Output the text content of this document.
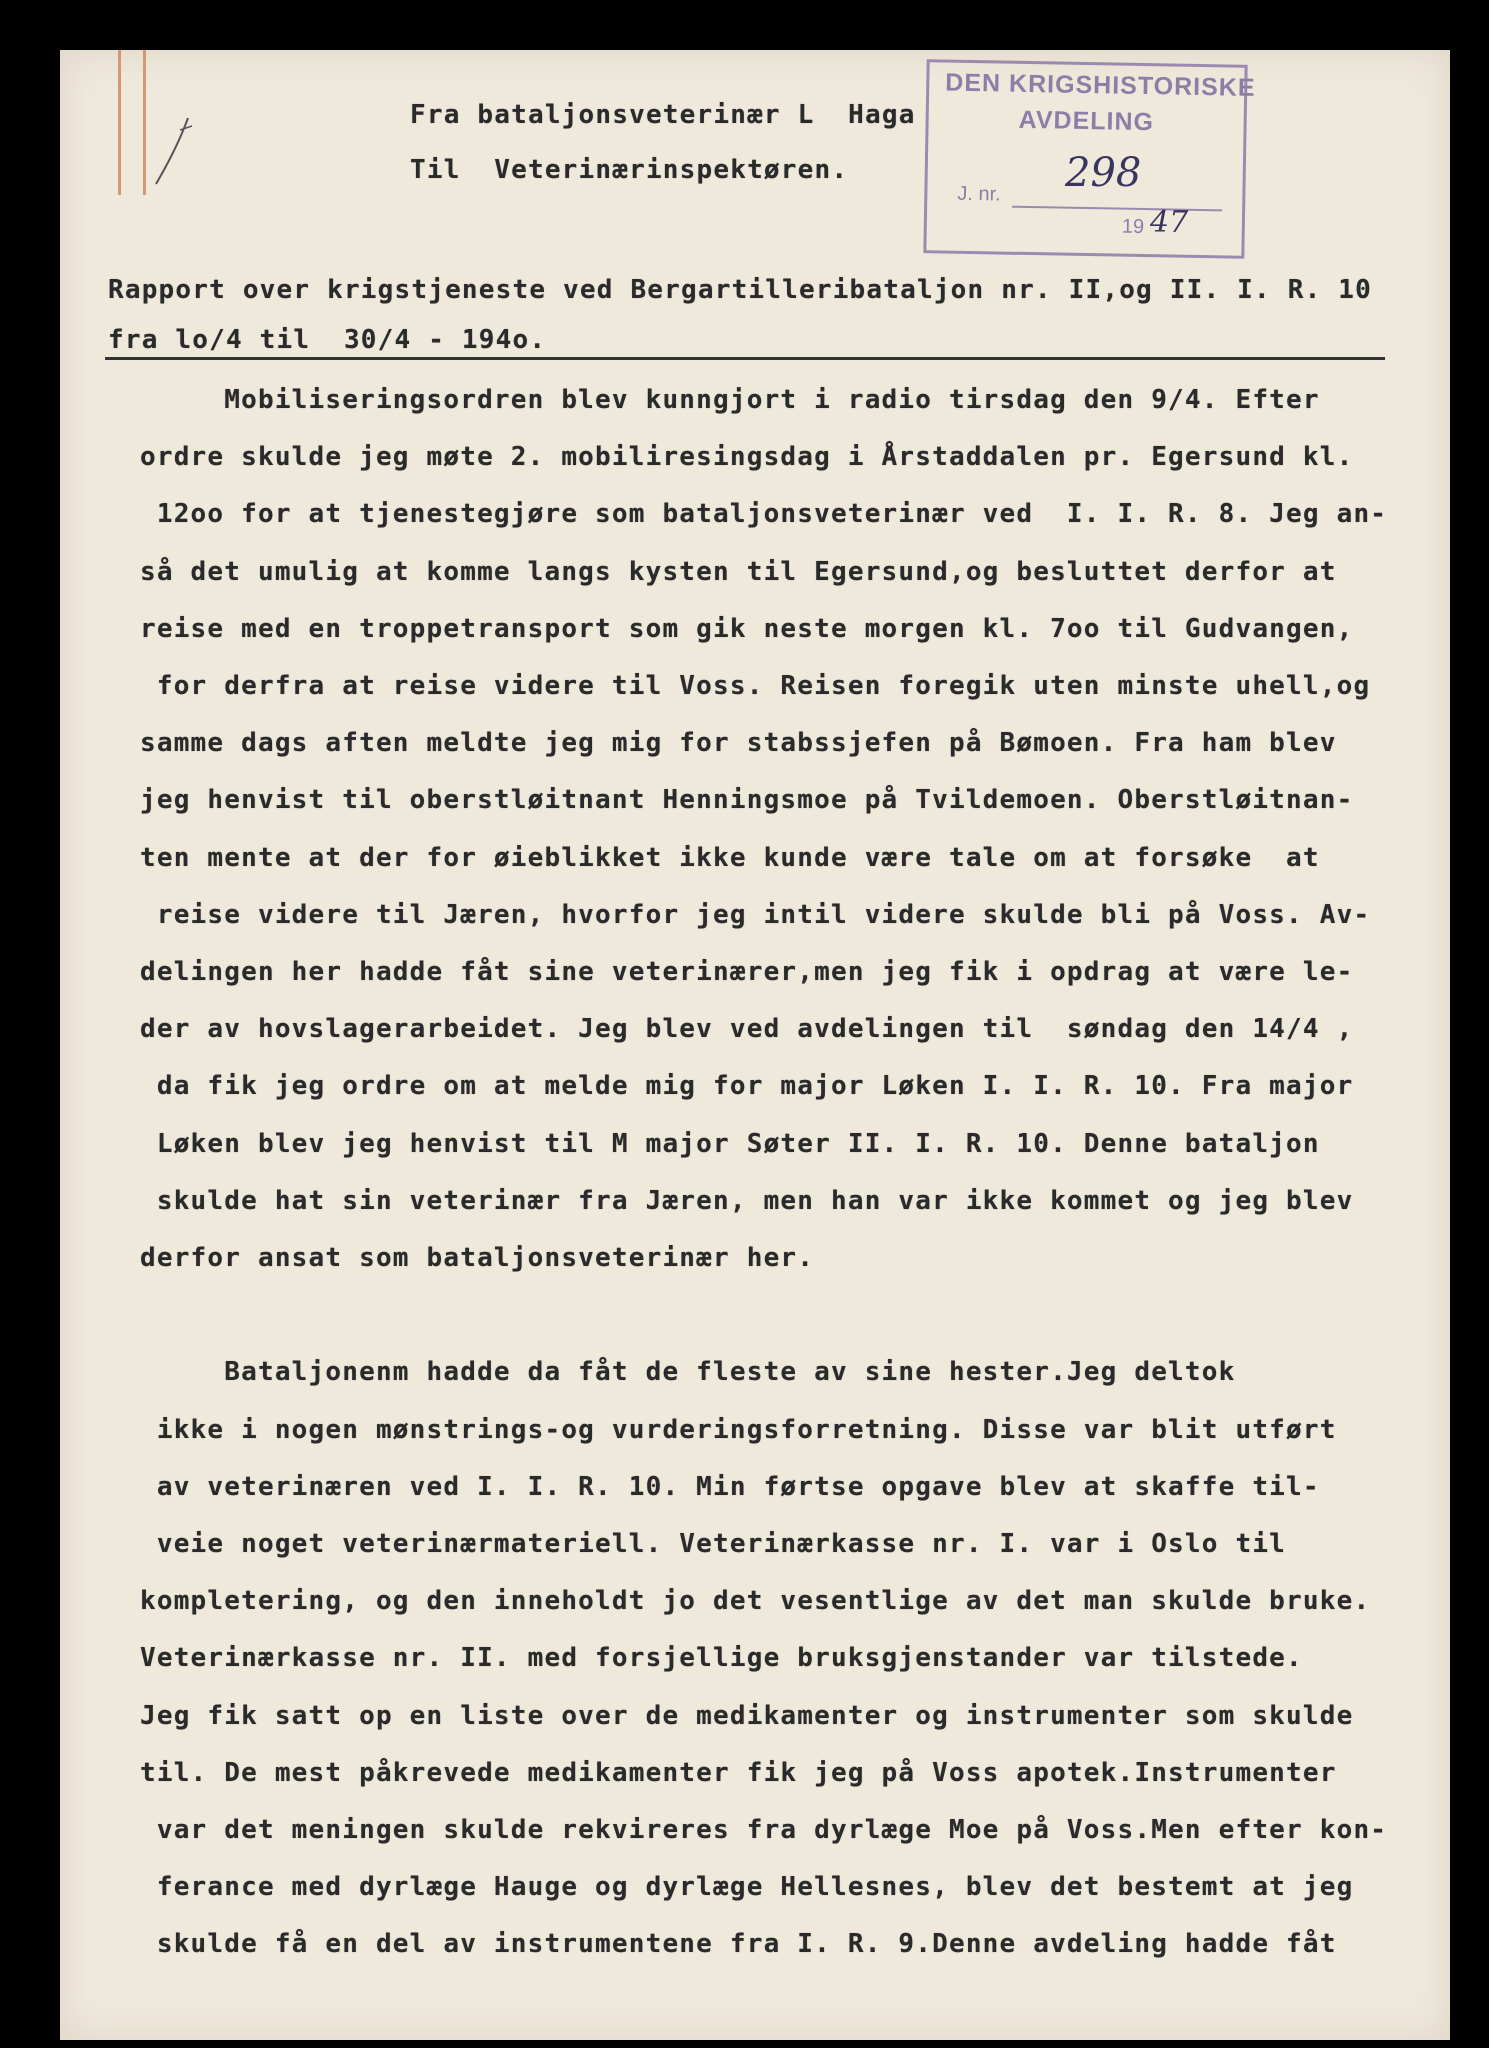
Fra bataljonsveterinær L  Haga
Til  Veterinærinspektøren.
DEN KRIGSHISTORISKE
AVDELING
J. nr.
19
298
47
Rapport over krigstjeneste ved Bergartilleribataljon nr. II,og II. I. R. 10
fra lo/4 til  30/4 - 194o.
Mobiliseringsordren blev kunngjort i radio tirsdag den 9/4. Efter
ordre skulde jeg møte 2. mobiliresingsdag i Årstaddalen pr. Egersund kl.
12oo for at tjenestegjøre som bataljonsveterinær ved  I. I. R. 8. Jeg an-
så det umulig at komme langs kysten til Egersund,og besluttet derfor at
reise med en troppetransport som gik neste morgen kl. 7oo til Gudvangen,
for derfra at reise videre til Voss. Reisen foregik uten minste uhell,og
samme dags aften meldte jeg mig for stabssjefen på Bømoen. Fra ham blev
jeg henvist til oberstløitnant Henningsmoe på Tvildemoen. Oberstløitnan-
ten mente at der for øieblikket ikke kunde være tale om at forsøke  at
reise videre til Jæren, hvorfor jeg intil videre skulde bli på Voss. Av-
delingen her hadde fåt sine veterinærer,men jeg fik i opdrag at være le-
der av hovslagerarbeidet. Jeg blev ved avdelingen til  søndag den 14/4 ,
da fik jeg ordre om at melde mig for major Løken I. I. R. 10. Fra major
Løken blev jeg henvist til M major Søter II. I. R. 10. Denne bataljon
skulde hat sin veterinær fra Jæren, men han var ikke kommet og jeg blev
derfor ansat som bataljonsveterinær her.
Bataljonenm hadde da fåt de fleste av sine hester.Jeg deltok
ikke i nogen mønstrings-og vurderingsforretning. Disse var blit utført
av veterinæren ved I. I. R. 10. Min førtse opgave blev at skaffe til-
veie noget veterinærmateriell. Veterinærkasse nr. I. var i Oslo til
kompletering, og den inneholdt jo det vesentlige av det man skulde bruke.
Veterinærkasse nr. II. med forsjellige bruksgjenstander var tilstede.
Jeg fik satt op en liste over de medikamenter og instrumenter som skulde
til. De mest påkrevede medikamenter fik jeg på Voss apotek.Instrumenter
var det meningen skulde rekvireres fra dyrlæge Moe på Voss.Men efter kon-
ferance med dyrlæge Hauge og dyrlæge Hellesnes, blev det bestemt at jeg
skulde få en del av instrumentene fra I. R. 9.Denne avdeling hadde fåt
